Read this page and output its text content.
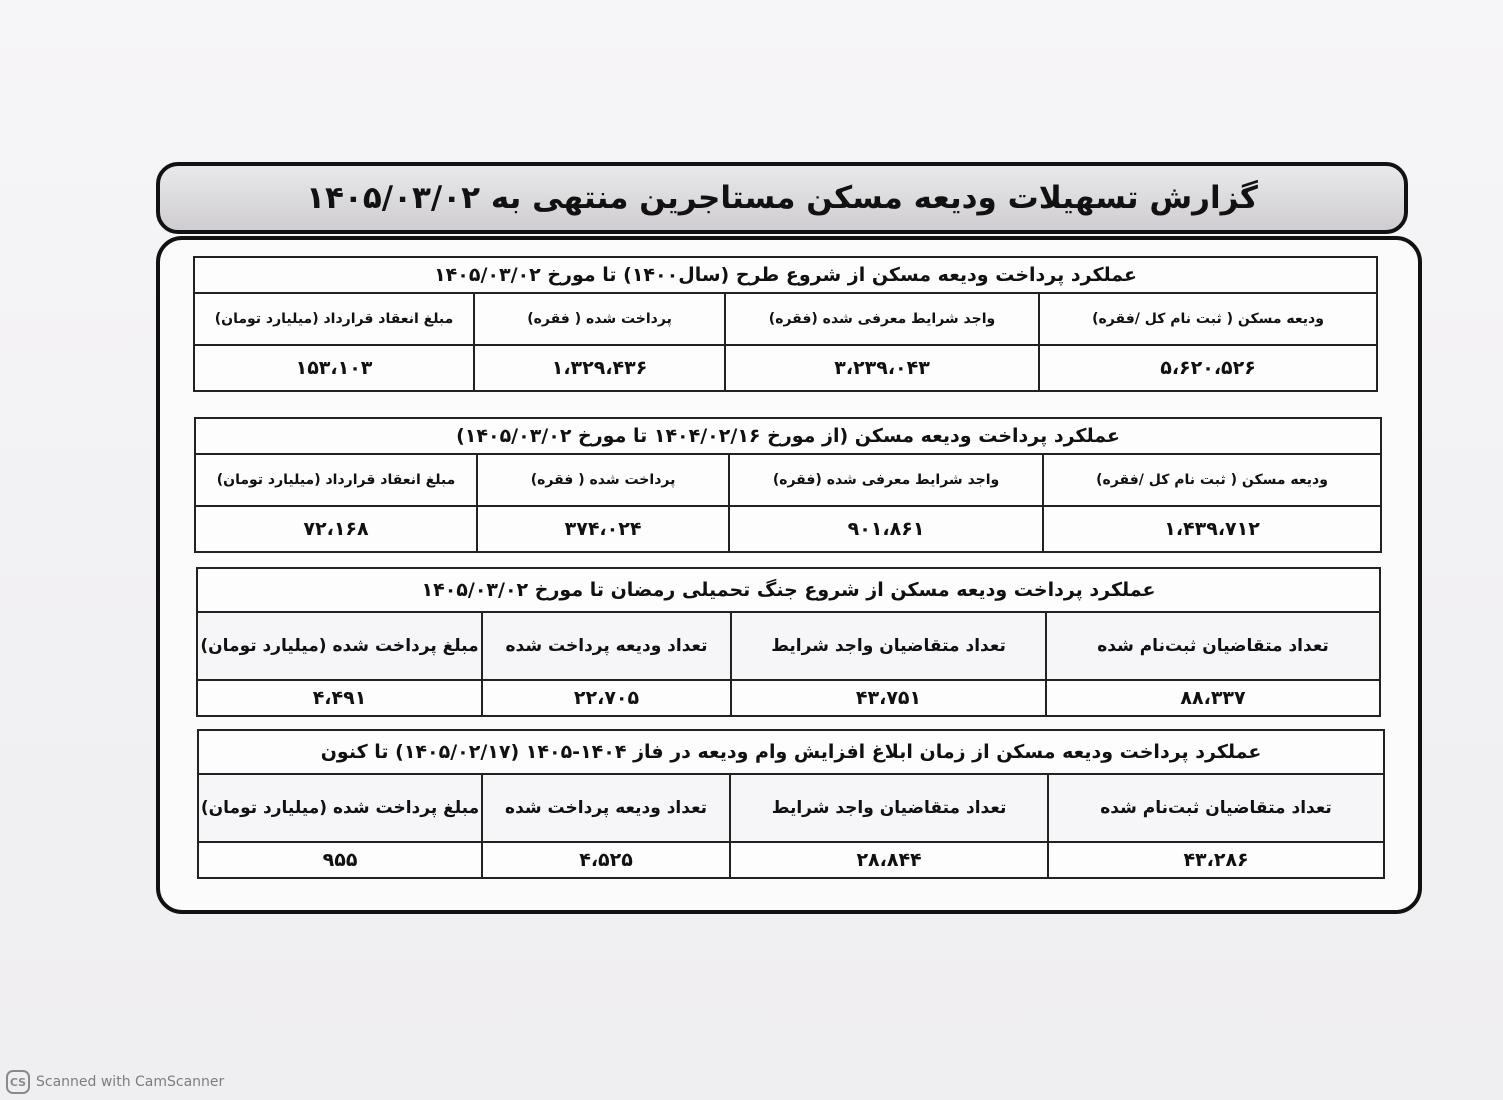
گزارش تسهیلات ودیعه مسکن مستاجرین منتهی به ۱۴۰۵/۰۳/۰۲
عملکرد پرداخت ودیعه مسکن از شروع طرح (سال۱۴۰۰) تا مورخ ۱۴۰۵/۰۳/۰۲			
ودیعه مسکن ( ثبت نام کل /فقره)	واجد شرایط معرفی شده (فقره)	پرداخت شده ( فقره)	مبلغ انعقاد قرارداد (میلیارد تومان)
۵،۶۲۰،۵۲۶	۳،۲۳۹،۰۴۳	۱،۳۲۹،۴۳۶	۱۵۳،۱۰۳
عملکرد پرداخت ودیعه مسکن (از مورخ ۱۴۰۴/۰۲/۱۶ تا مورخ ۱۴۰۵/۰۳/۰۲)			
ودیعه مسکن ( ثبت نام کل /فقره)	واجد شرایط معرفی شده (فقره)	پرداخت شده ( فقره)	مبلغ انعقاد قرارداد (میلیارد تومان)
۱،۴۳۹،۷۱۲	۹۰۱،۸۶۱	۳۷۴،۰۲۴	۷۲،۱۶۸
عملکرد پرداخت ودیعه مسکن از شروع جنگ تحمیلی رمضان تا مورخ ۱۴۰۵/۰۳/۰۲			
تعداد متقاضیان ثبت‌نام شده	تعداد متقاضیان واجد شرایط	تعداد ودیعه پرداخت شده	مبلغ پرداخت شده (میلیارد تومان)
۸۸،۳۳۷	۴۳،۷۵۱	۲۲،۷۰۵	۴،۴۹۱
عملکرد پرداخت ودیعه مسکن از زمان ابلاغ افزایش وام ودیعه در فاز ۱۴۰۴-۱۴۰۵ (۱۴۰۵/۰۲/۱۷) تا کنون			
تعداد متقاضیان ثبت‌نام شده	تعداد متقاضیان واجد شرایط	تعداد ودیعه پرداخت شده	مبلغ پرداخت شده (میلیارد تومان)
۴۳،۲۸۶	۲۸،۸۴۴	۴،۵۲۵	۹۵۵
CS Scanned with CamScanner
